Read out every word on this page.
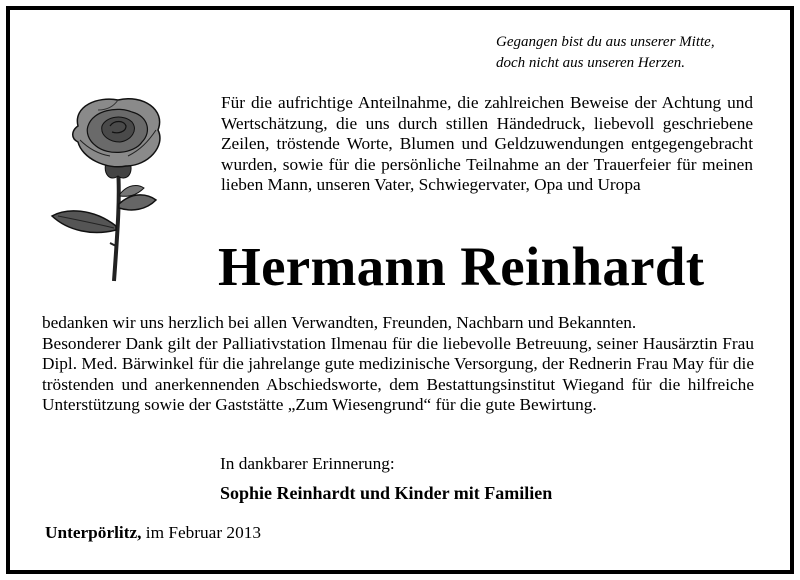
Gegangen bist du aus unserer Mitte,
doch nicht aus unseren Herzen.
Für die aufrichtige Anteilnahme, die zahlreichen Beweise der Achtung und Wertschätzung, die uns durch stillen Händedruck, liebevoll geschriebene Zeilen, tröstende Worte, Blumen und Geldzuwendungen entgegengebracht wurden, sowie für die persönliche Teilnahme an der Trauerfeier für meinen lieben Mann, unseren Vater, Schwiegervater, Opa und Uropa
Hermann Reinhardt

bedanken wir uns herzlich bei allen Verwandten, Freunden, Nachbarn und Bekannten.

Besonderer Dank gilt der Palliativstation Ilmenau für die liebevolle Betreuung, seiner Hausärztin Frau Dipl. Med. Bärwinkel für die jahrelange gute medizinische Versorgung, der Rednerin Frau May für die tröstenden und anerkennenden Abschiedsworte, dem Bestattungsinstitut Wiegand für die hilfreiche Unterstützung sowie der Gaststätte „Zum Wiesengrund“ für die gute Bewirtung.

In dankbarer Erinnerung:
Sophie Reinhardt und Kinder mit Familien
Unterpörlitz, im Februar 2013
